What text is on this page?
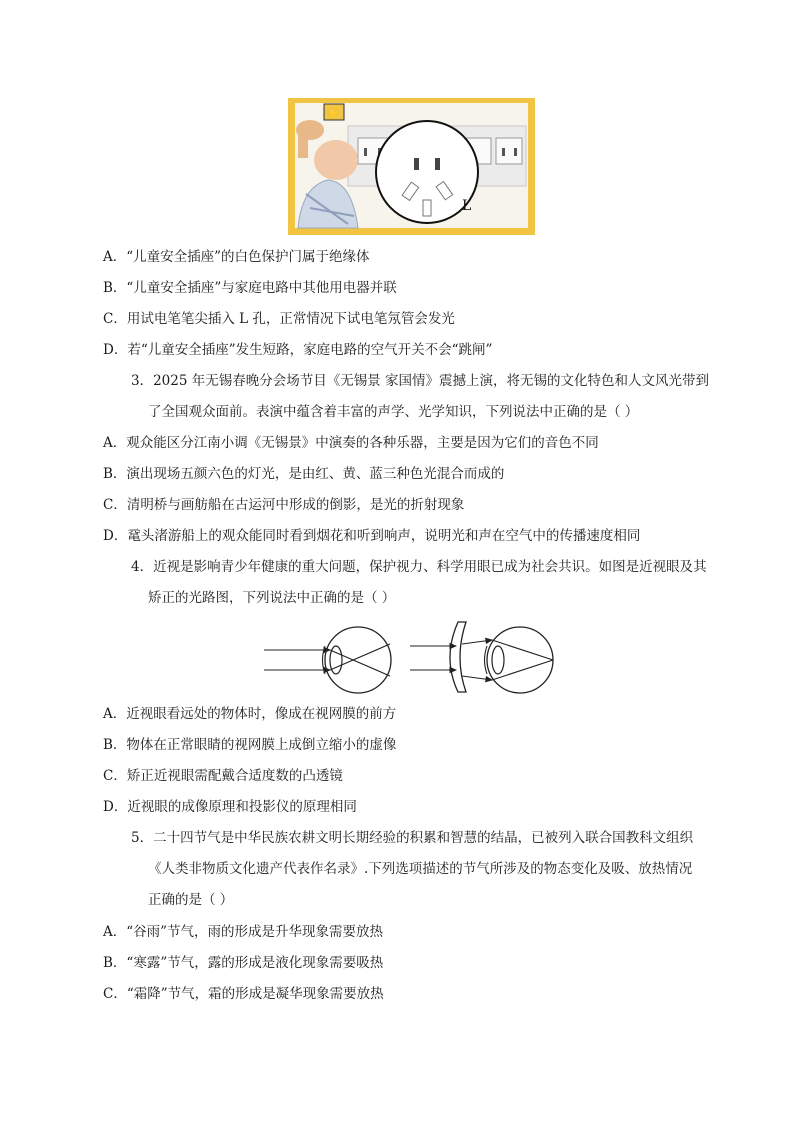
⚡
L
A．“儿童安全插座”的白色保护门属于绝缘体
B．“儿童安全插座”与家庭电路中其他用电器并联
C．用试电笔笔尖插入 L 孔，正常情况下试电笔氖管会发光
D．若“儿童安全插座”发生短路，家庭电路的空气开关不会“跳闸”
3．2025 年无锡春晚分会场节目《无锡景 家国情》震撼上演，将无锡的文化特色和人文风光带到
了全国观众面前。表演中蕴含着丰富的声学、光学知识，下列说法中正确的是（ ）
A．观众能区分江南小调《无锡景》中演奏的各种乐器，主要是因为它们的音色不同
B．演出现场五颜六色的灯光，是由红、黄、蓝三种色光混合而成的
C．清明桥与画舫船在古运河中形成的倒影，是光的折射现象
D．鼋头渚游船上的观众能同时看到烟花和听到响声，说明光和声在空气中的传播速度相同
4．近视是影响青少年健康的重大问题，保护视力、科学用眼已成为社会共识。如图是近视眼及其
矫正的光路图，下列说法中正确的是（ ）
A．近视眼看远处的物体时，像成在视网膜的前方
B．物体在正常眼睛的视网膜上成倒立缩小的虚像
C．矫正近视眼需配戴合适度数的凸透镜
D．近视眼的成像原理和投影仪的原理相同
5．二十四节气是中华民族农耕文明长期经验的积累和智慧的结晶，已被列入联合国教科文组织
《人类非物质文化遗产代表作名录》.下列选项描述的节气所涉及的物态变化及吸、放热情况
正确的是（ ）
A．“谷雨”节气，雨的形成是升华现象需要放热
B．“寒露”节气，露的形成是液化现象需要吸热
C．“霜降”节气，霜的形成是凝华现象需要放热
